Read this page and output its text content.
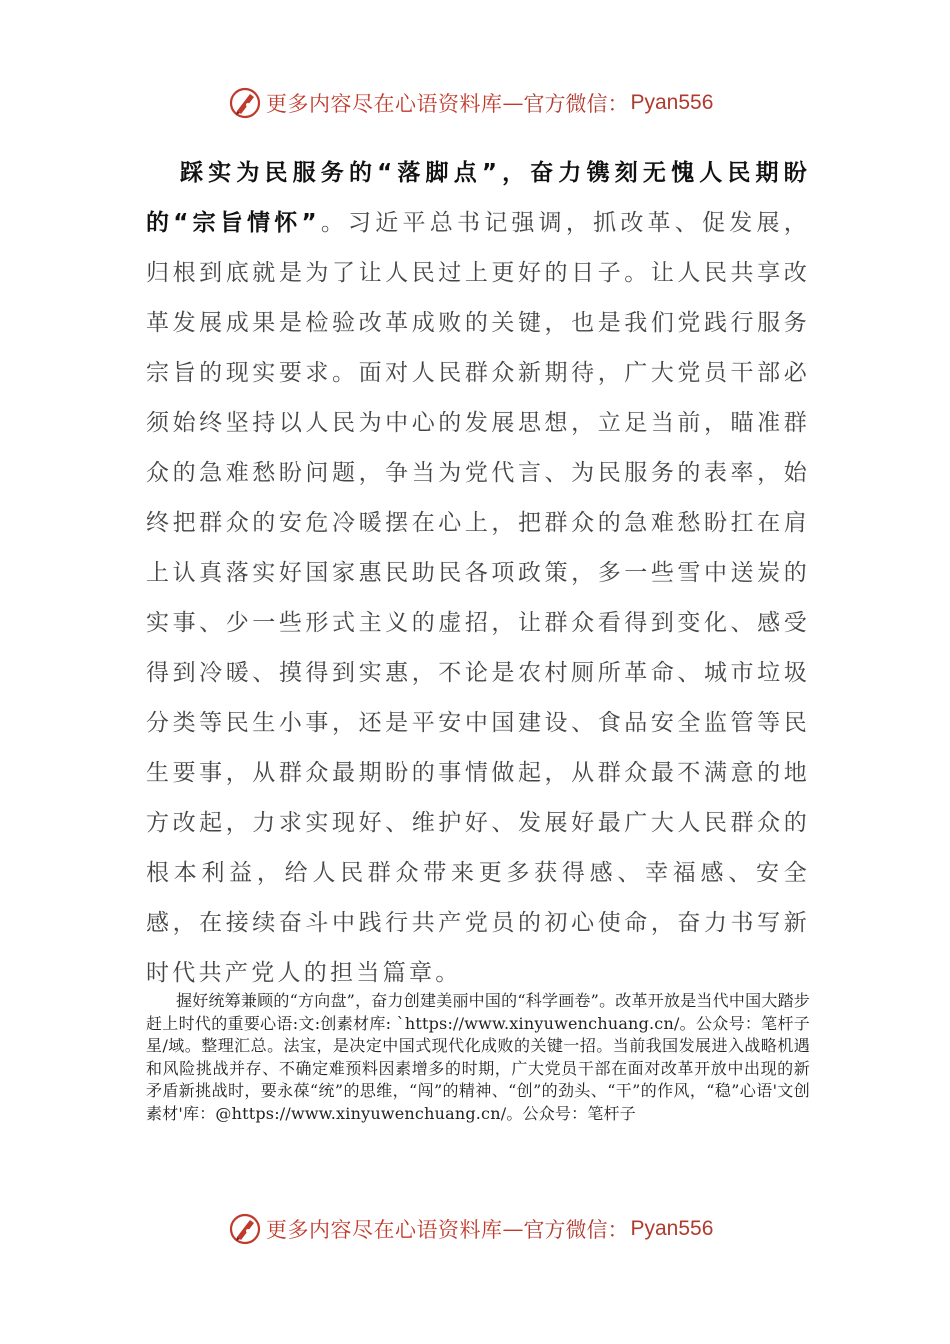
更多内容尽在心语资料库 — 官方微信： Pyan556
踩实为民服务的“落脚点”，奋力镌刻无愧人民期盼的“宗旨情怀”。习近平总书记强调，抓改革、促发展，归根到底就是为了让人民过上更好的日子。让人民共享改革发展成果是检验改革成败的关键，也是我们党践行服务宗旨的现实要求。面对人民群众新期待，广大党员干部必须始终坚持以人民为中心的发展思想，立足当前，瞄准群众的急难愁盼问题，争当为党代言、为民服务的表率，始终把群众的安危冷暖摆在心上，把群众的急难愁盼扛在肩上认真落实好国家惠民助民各项政策，多一些雪中送炭的实事、少一些形式主义的虚招，让群众看得到变化、感受得到冷暖、摸得到实惠，不论是农村厕所革命、城市垃圾分类等民生小事，还是平安中国建设、食品安全监管等民生要事，从群众最期盼的事情做起，从群众最不满意的地方改起，力求实现好、维护好、发展好最广大人民群众的根本利益，给人民群众带来更多获得感、幸福感、安全感，在接续奋斗中践行共产党员的初心使命，奋力书写新时代共产党人的担当篇章。
握好统筹兼顾的“方向盘”，奋力创建美丽中国的“科学画卷”。改革开放是当代中国大踏步赶上时代的重要心语:文:创素材库: `https://www.xinyuwenchuang.cn/。公众号：笔杆子星/域。整理汇总。法宝，是决定中国式现代化成败的关键一招。当前我国发展进入战略机遇和风险挑战并存、不确定难预料因素增多的时期，广大党员干部在面对改革开放中出现的新矛盾新挑战时，要永葆“统”的思维，“闯”的精神、“创”的劲头、“干”的作风，“稳”心语'文创素材'库：@https://www.xinyuwenchuang.cn/。公众号：笔杆子
更多内容尽在心语资料库 — 官方微信： Pyan556
